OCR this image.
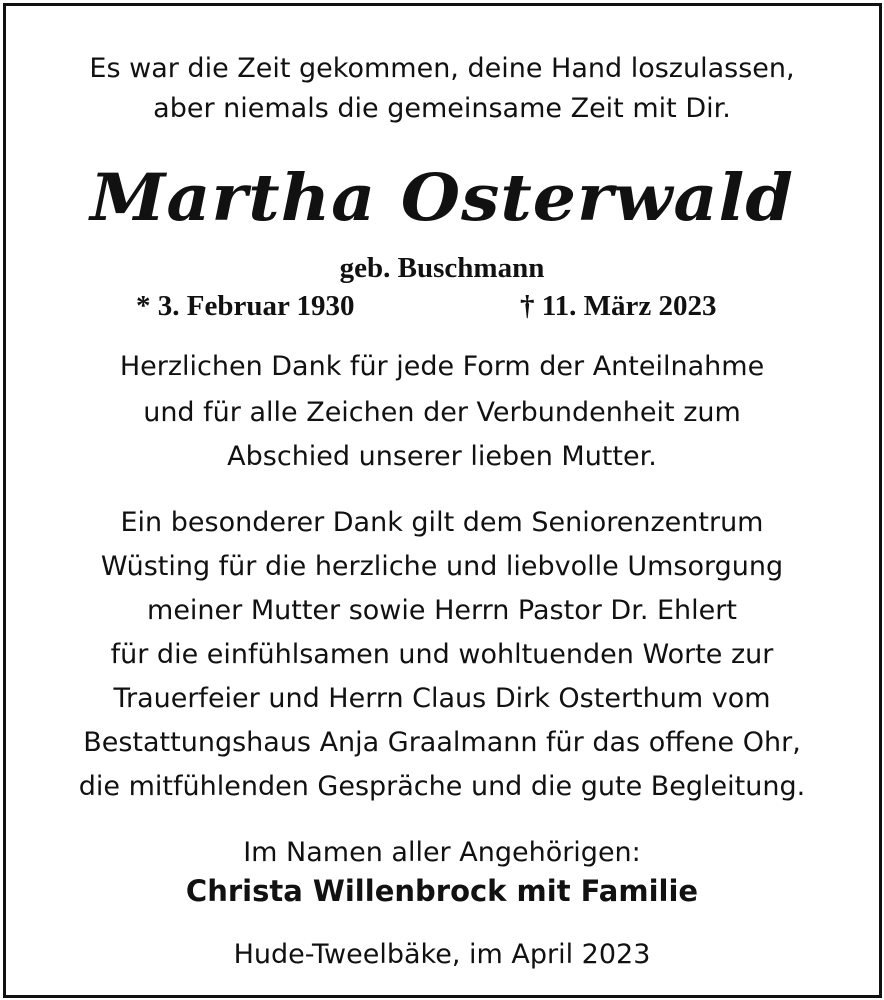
Es war die Zeit gekommen, deine Hand loszulassen,
aber niemals die gemeinsame Zeit mit Dir.
Martha Osterwald
geb. Buschmann
* 3. Februar 1930	† 11. März 2023
Herzlichen Dank für jede Form der Anteilnahme
und für alle Zeichen der Verbundenheit zum
Abschied unserer lieben Mutter.
Ein besonderer Dank gilt dem Seniorenzentrum
Wüsting für die herzliche und liebvolle Umsorgung
meiner Mutter sowie Herrn Pastor Dr. Ehlert
für die einfühlsamen und wohltuenden Worte zur
Trauerfeier und Herrn Claus Dirk Osterthum vom
Bestattungshaus Anja Graalmann für das offene Ohr,
die mitfühlenden Gespräche und die gute Begleitung.
Im Namen aller Angehörigen:
Christa Willenbrock mit Familie
Hude-Tweelbäke, im April 2023
